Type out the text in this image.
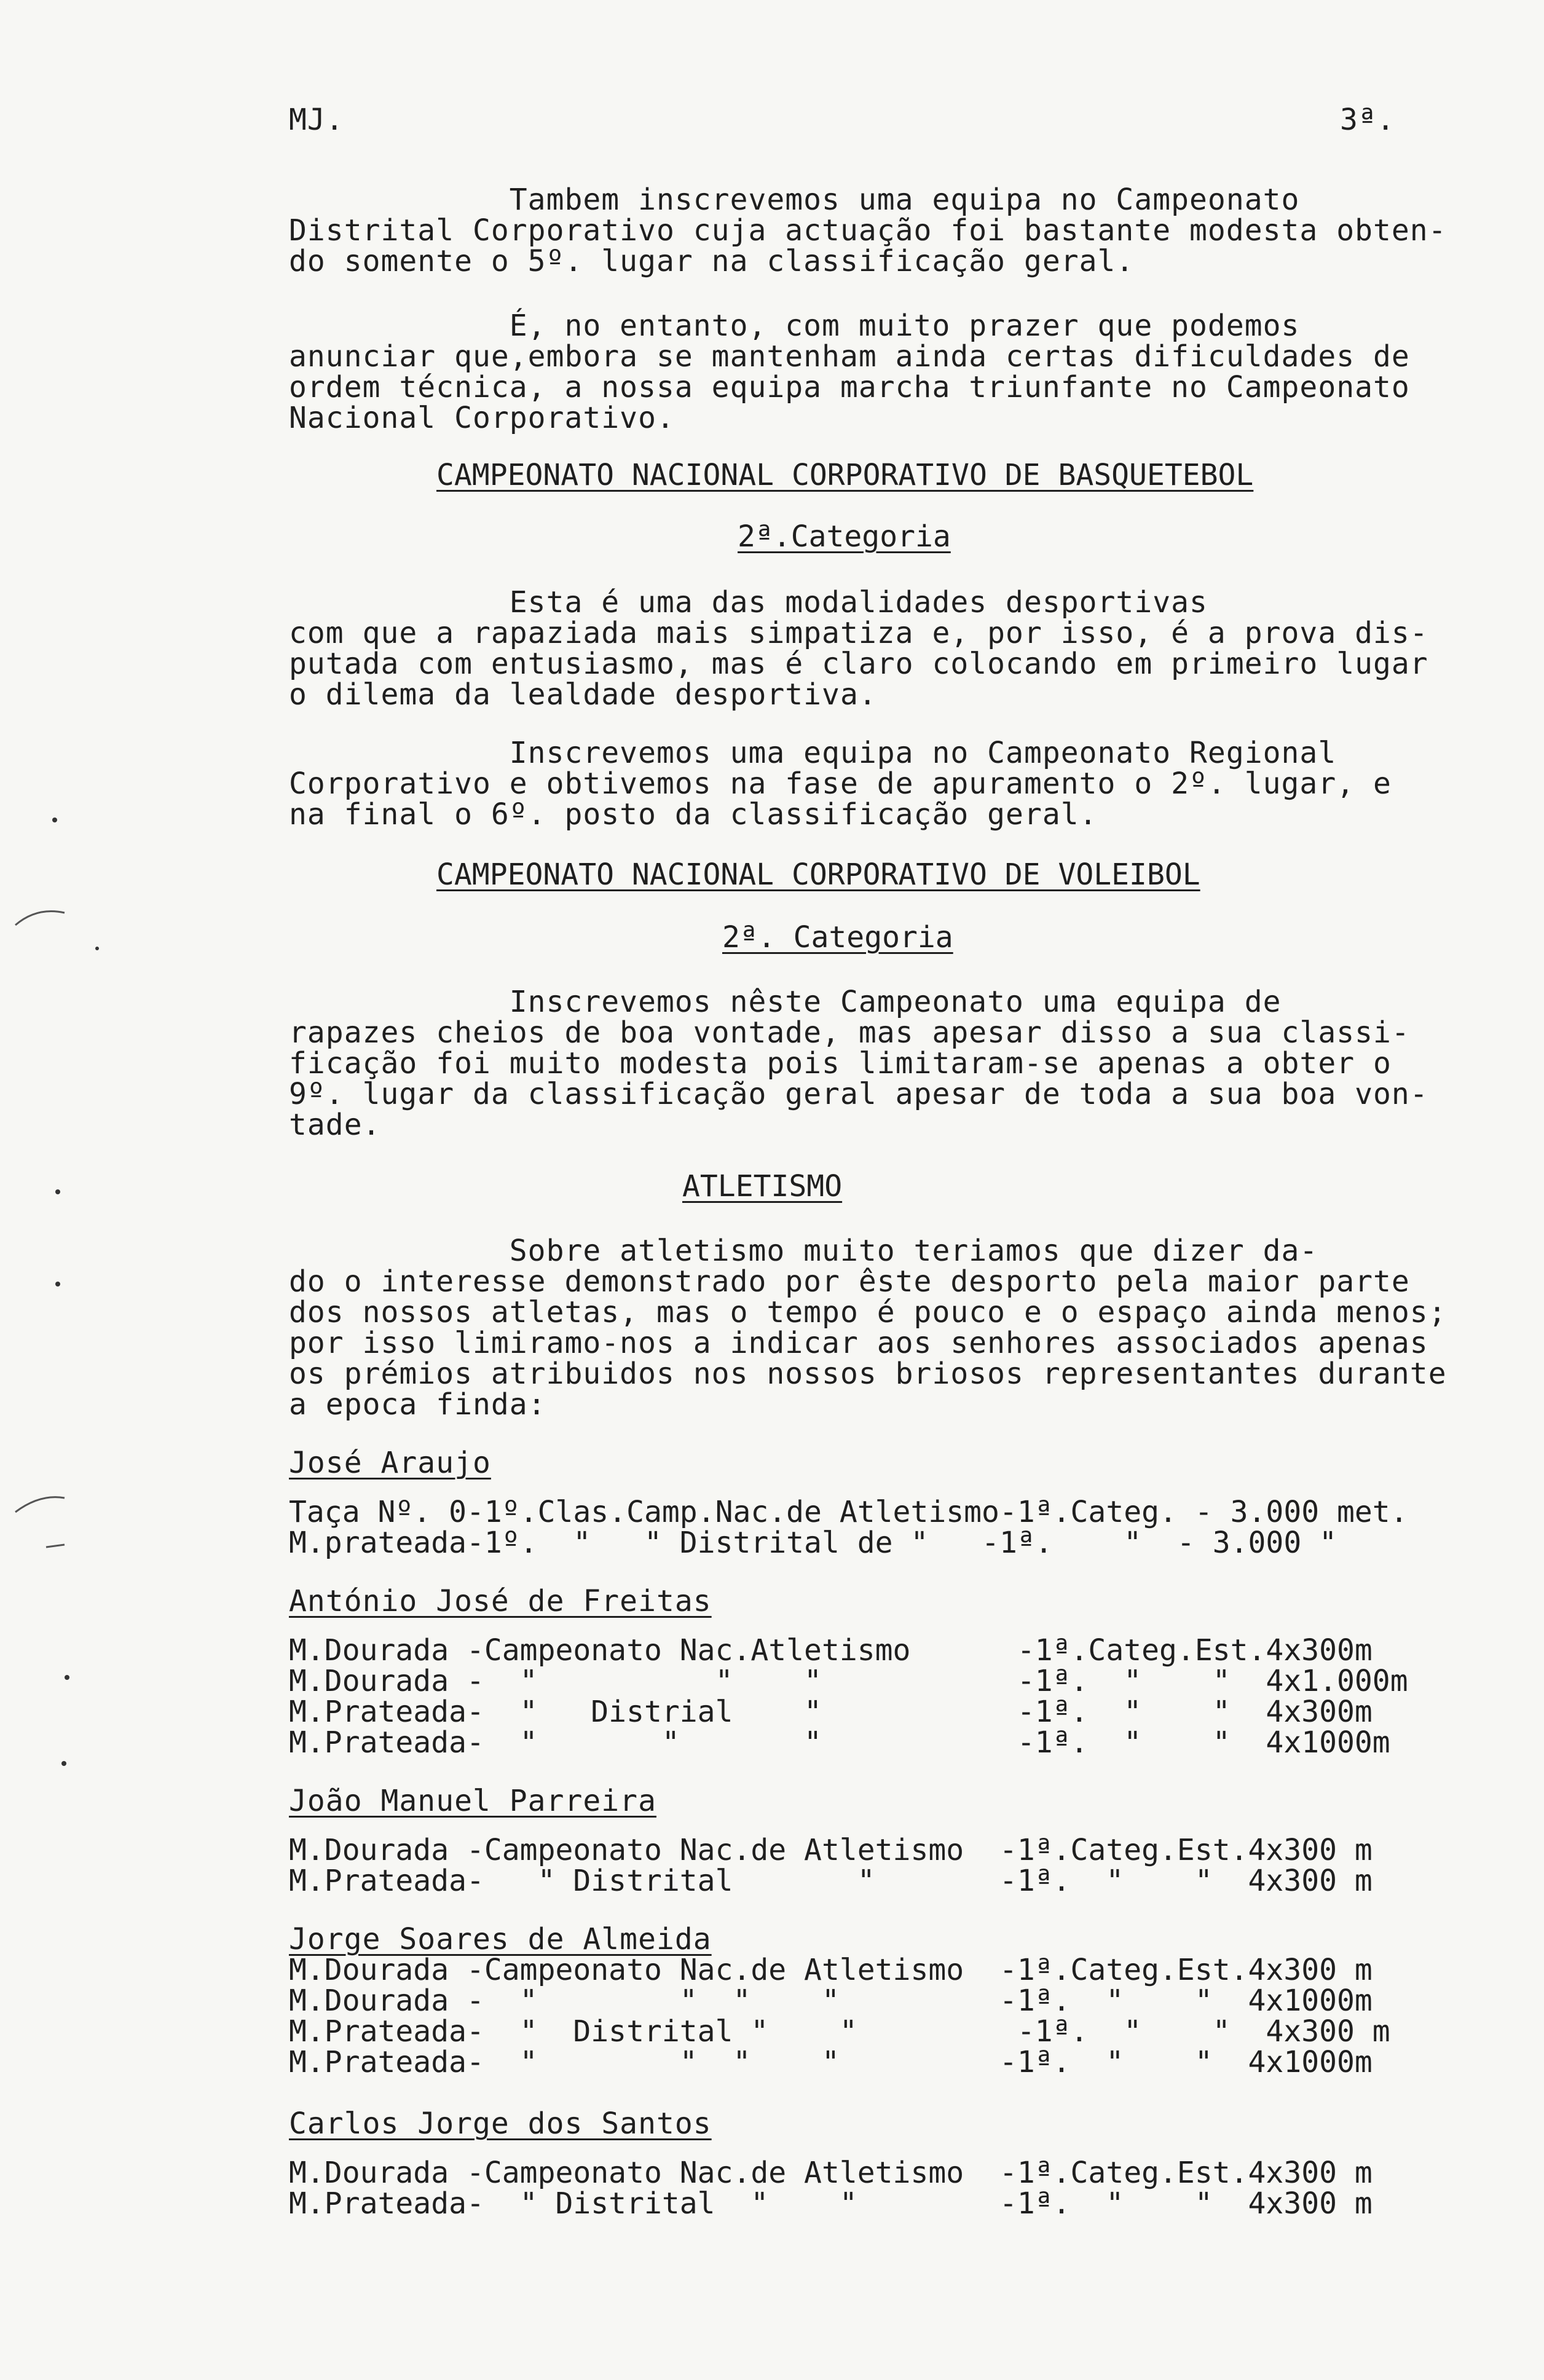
MJ.	3ª.
Tambem inscrevemos uma equipa no Campeonato
Distrital Corporativo cuja actuação foi bastante modesta obten-
do somente o 5º. lugar na classificação geral.
É, no entanto, com muito prazer que podemos
anunciar que,embora se mantenham ainda certas dificuldades de
ordem técnica, a nossa equipa marcha triunfante no Campeonato
Nacional Corporativo.
CAMPEONATO NACIONAL CORPORATIVO DE BASQUETEBOL
2ª.Categoria
Esta é uma das modalidades desportivas
com que a rapaziada mais simpatiza e, por isso, é a prova dis-
putada com entusiasmo, mas é claro colocando em primeiro lugar
o dilema da lealdade desportiva.
Inscrevemos uma equipa no Campeonato Regional
Corporativo e obtivemos na fase de apuramento o 2º. lugar, e
na final o 6º. posto da classificação geral.
CAMPEONATO NACIONAL CORPORATIVO DE VOLEIBOL
2ª. Categoria
Inscrevemos nêste Campeonato uma equipa de
rapazes cheios de boa vontade, mas apesar disso a sua classi-
ficação foi muito modesta pois limitaram-se apenas a obter o
9º. lugar da classificação geral apesar de toda a sua boa von-
tade.
ATLETISMO
Sobre atletismo muito teriamos que dizer da-
do o interesse demonstrado por êste desporto pela maior parte
dos nossos atletas, mas o tempo é pouco e o espaço ainda menos;
por isso limiramo-nos a indicar aos senhores associados apenas
os prémios atribuidos nos nossos briosos representantes durante
a epoca finda:
José Araujo
Taça Nº. 0-1º.Clas.Camp.Nac.de Atletismo-1ª.Categ. - 3.000 met.
M.prateada-1º.  "   " Distrital de "   -1ª.    "  - 3.000 "
António José de Freitas
M.Dourada -Campeonato Nac.Atletismo      -1ª.Categ.Est.4x300m
M.Dourada -  "          "    "           -1ª.  "    "  4x1.000m
M.Prateada-  "   Distrial    "           -1ª.  "    "  4x300m
M.Prateada-  "       "       "           -1ª.  "    "  4x1000m
João Manuel Parreira
M.Dourada -Campeonato Nac.de Atletismo  -1ª.Categ.Est.4x300 m
M.Prateada-   " Distrital       "       -1ª.  "    "  4x300 m
Jorge Soares de Almeida
M.Dourada -Campeonato Nac.de Atletismo  -1ª.Categ.Est.4x300 m
M.Dourada -  "        "  "    "         -1ª.  "    "  4x1000m
M.Prateada-  "  Distrital "    "         -1ª.  "    "  4x300 m
M.Prateada-  "        "  "    "         -1ª.  "    "  4x1000m
Carlos Jorge dos Santos
M.Dourada -Campeonato Nac.de Atletismo  -1ª.Categ.Est.4x300 m
M.Prateada-  " Distrital  "    "        -1ª.  "    "  4x300 m
